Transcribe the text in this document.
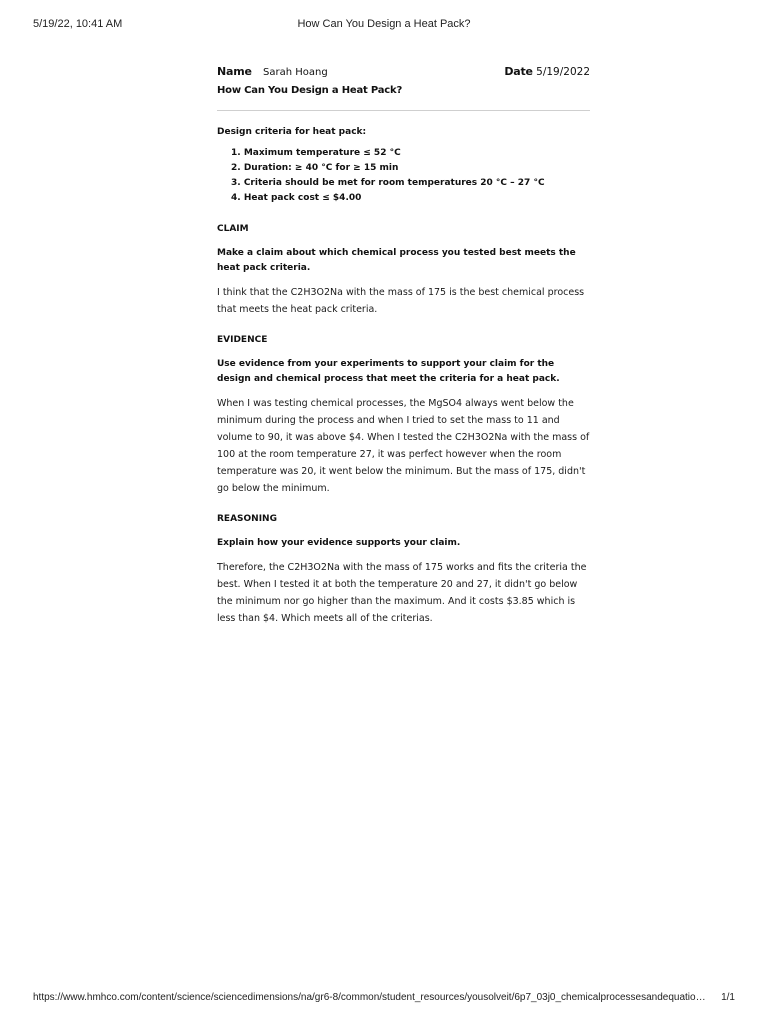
5/19/22, 10:41 AM	How Can You Design a Heat Pack?
Name Sarah Hoang	Date 5/19/2022
How Can You Design a Heat Pack?
Design criteria for heat pack:
1. Maximum temperature ≤ 52 °C
2. Duration: ≥ 40 °C for ≥ 15 min
3. Criteria should be met for room temperatures 20 °C – 27 °C
4. Heat pack cost ≤ $4.00
CLAIM
Make a claim about which chemical process you tested best meets the heat pack criteria.
I think that the C2H3O2Na with the mass of 175 is the best chemical process that meets the heat pack criteria.
EVIDENCE
Use evidence from your experiments to support your claim for the design and chemical process that meet the criteria for a heat pack.
When I was testing chemical processes, the MgSO4 always went below the minimum during the process and when I tried to set the mass to 11 and volume to 90, it was above $4. When I tested the C2H3O2Na with the mass of 100 at the room temperature 27, it was perfect however when the room temperature was 20, it went below the minimum. But the mass of 175, didn't go below the minimum.
REASONING
Explain how your evidence supports your claim.
Therefore, the C2H3O2Na with the mass of 175 works and fits the criteria the best. When I tested it at both the temperature 20 and 27, it didn't go below the minimum nor go higher than the maximum. And it costs $3.85 which is less than $4. Which meets all of the criterias.
https://www.hmhco.com/content/science/sciencedimensions/na/gr6-8/common/student_resources/yousolveit/6p7_03j0_chemicalprocessesandequatio…	1/1
